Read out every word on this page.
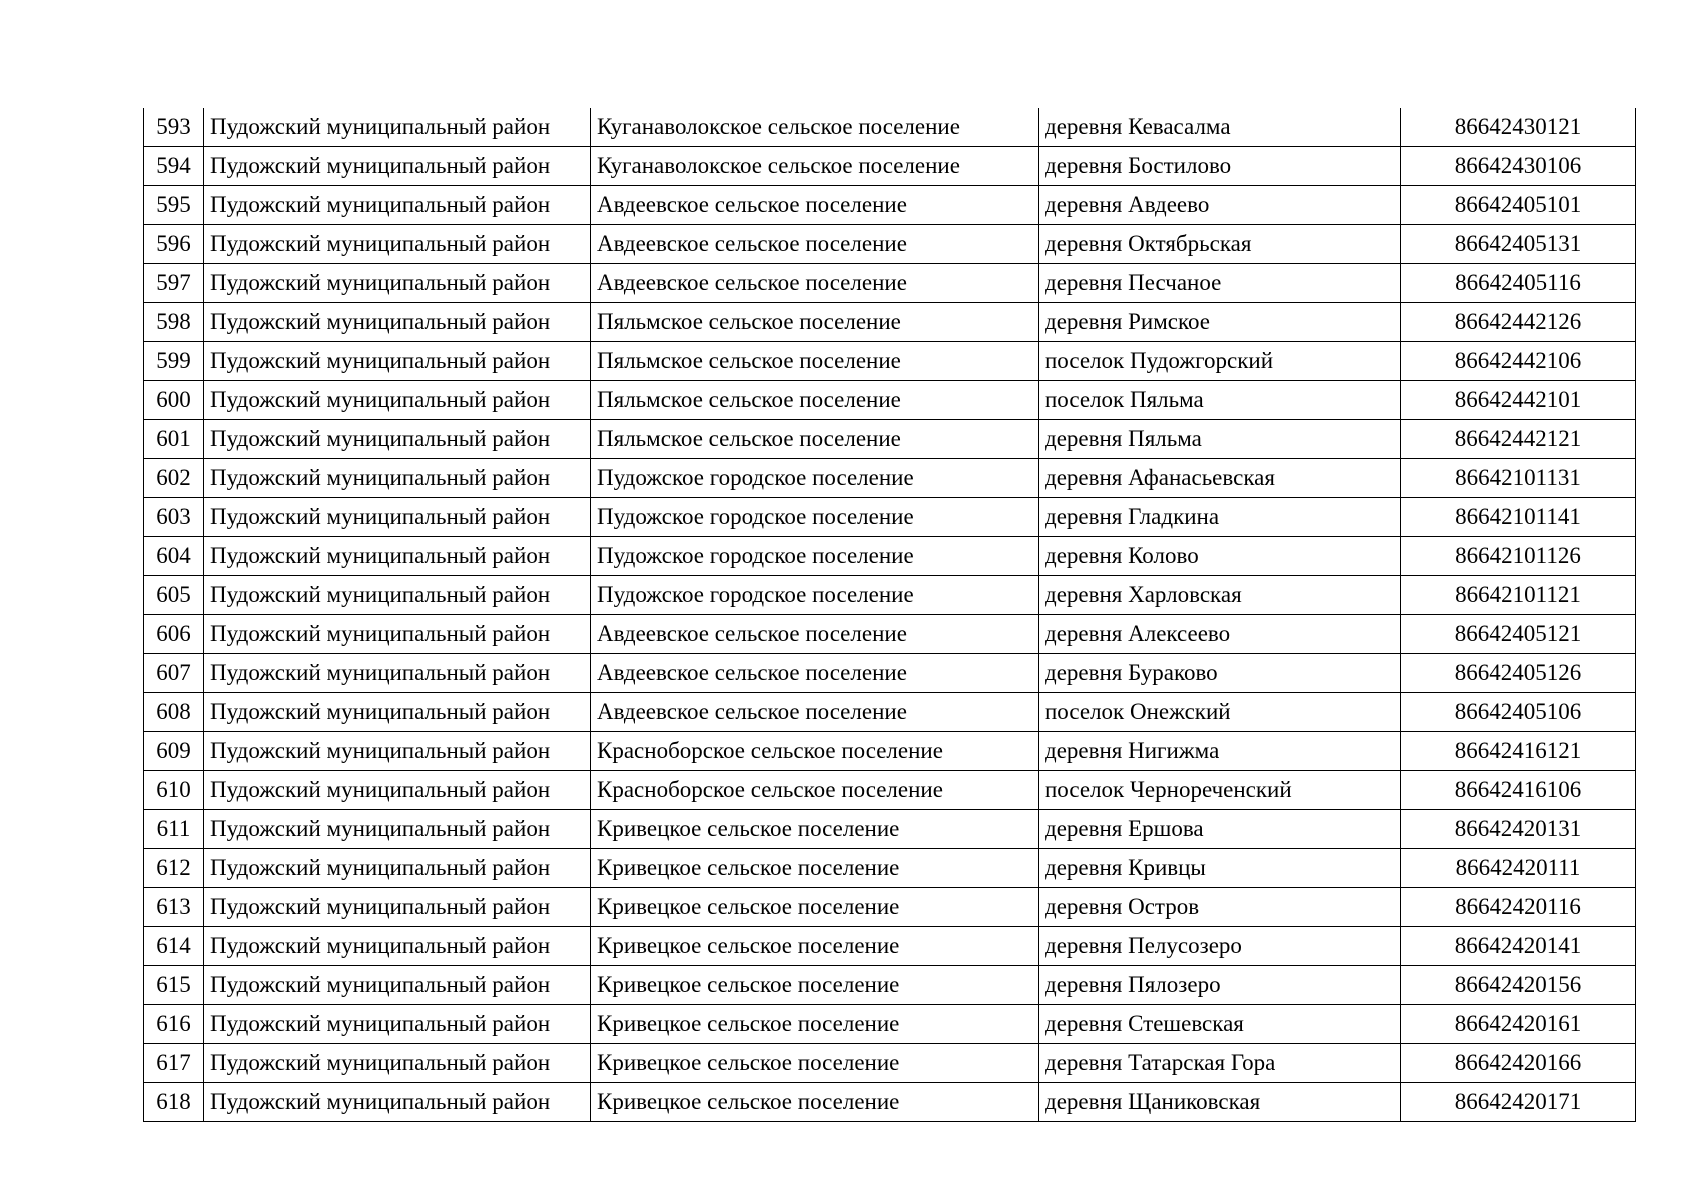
593	Пудожский муниципальный район	Куганаволокское сельское поселение	деревня Кевасалма	86642430121
594	Пудожский муниципальный район	Куганаволокское сельское поселение	деревня Бостилово	86642430106
595	Пудожский муниципальный район	Авдеевское сельское поселение	деревня Авдеево	86642405101
596	Пудожский муниципальный район	Авдеевское сельское поселение	деревня Октябрьская	86642405131
597	Пудожский муниципальный район	Авдеевское сельское поселение	деревня Песчаное	86642405116
598	Пудожский муниципальный район	Пяльмское сельское поселение	деревня Римское	86642442126
599	Пудожский муниципальный район	Пяльмское сельское поселение	поселок Пудожгорский	86642442106
600	Пудожский муниципальный район	Пяльмское сельское поселение	поселок Пяльма	86642442101
601	Пудожский муниципальный район	Пяльмское сельское поселение	деревня Пяльма	86642442121
602	Пудожский муниципальный район	Пудожское городское поселение	деревня Афанасьевская	86642101131
603	Пудожский муниципальный район	Пудожское городское поселение	деревня Гладкина	86642101141
604	Пудожский муниципальный район	Пудожское городское поселение	деревня Колово	86642101126
605	Пудожский муниципальный район	Пудожское городское поселение	деревня Харловская	86642101121
606	Пудожский муниципальный район	Авдеевское сельское поселение	деревня Алексеево	86642405121
607	Пудожский муниципальный район	Авдеевское сельское поселение	деревня Бураково	86642405126
608	Пудожский муниципальный район	Авдеевское сельское поселение	поселок Онежский	86642405106
609	Пудожский муниципальный район	Красноборское сельское поселение	деревня Нигижма	86642416121
610	Пудожский муниципальный район	Красноборское сельское поселение	поселок Чернореченский	86642416106
611	Пудожский муниципальный район	Кривецкое сельское поселение	деревня Ершова	86642420131
612	Пудожский муниципальный район	Кривецкое сельское поселение	деревня Кривцы	86642420111
613	Пудожский муниципальный район	Кривецкое сельское поселение	деревня Остров	86642420116
614	Пудожский муниципальный район	Кривецкое сельское поселение	деревня Пелусозеро	86642420141
615	Пудожский муниципальный район	Кривецкое сельское поселение	деревня Пялозеро	86642420156
616	Пудожский муниципальный район	Кривецкое сельское поселение	деревня Стешевская	86642420161
617	Пудожский муниципальный район	Кривецкое сельское поселение	деревня Татарская Гора	86642420166
618	Пудожский муниципальный район	Кривецкое сельское поселение	деревня Щаниковская	86642420171
